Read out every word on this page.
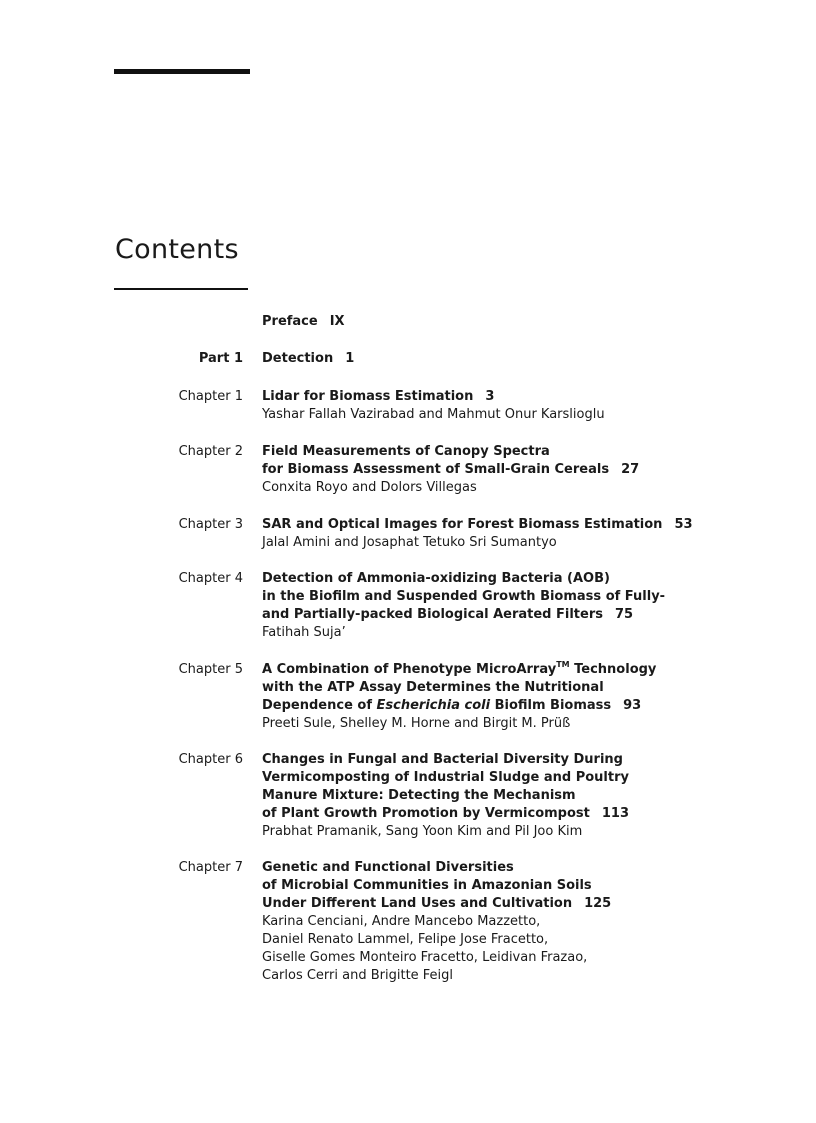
Contents
Preface IX
Part 1 Detection 1
Chapter 1 Lidar for Biomass Estimation 3
Yashar Fallah Vazirabad and Mahmut Onur Karslioglu
Chapter 2 Field Measurements of Canopy Spectra
for Biomass Assessment of Small-Grain Cereals 27
Conxita Royo and Dolors Villegas
Chapter 3 SAR and Optical Images for Forest Biomass Estimation 53
Jalal Amini and Josaphat Tetuko Sri Sumantyo
Chapter 4 Detection of Ammonia-oxidizing Bacteria (AOB)
in the Biofilm and Suspended Growth Biomass of Fully-
and Partially-packed Biological Aerated Filters 75
Fatihah Suja’
Chapter 5 A Combination of Phenotype MicroArray™ Technology
with the ATP Assay Determines the Nutritional
Dependence of Escherichia coli Biofilm Biomass 93
Preeti Sule, Shelley M. Horne and Birgit M. Prüß
Chapter 6 Changes in Fungal and Bacterial Diversity During
Vermicomposting of Industrial Sludge and Poultry
Manure Mixture: Detecting the Mechanism
of Plant Growth Promotion by Vermicompost 113
Prabhat Pramanik, Sang Yoon Kim and Pil Joo Kim
Chapter 7 Genetic and Functional Diversities
of Microbial Communities in Amazonian Soils
Under Different Land Uses and Cultivation 125
Karina Cenciani, Andre Mancebo Mazzetto,
Daniel Renato Lammel, Felipe Jose Fracetto,
Giselle Gomes Monteiro Fracetto, Leidivan Frazao,
Carlos Cerri and Brigitte Feigl
